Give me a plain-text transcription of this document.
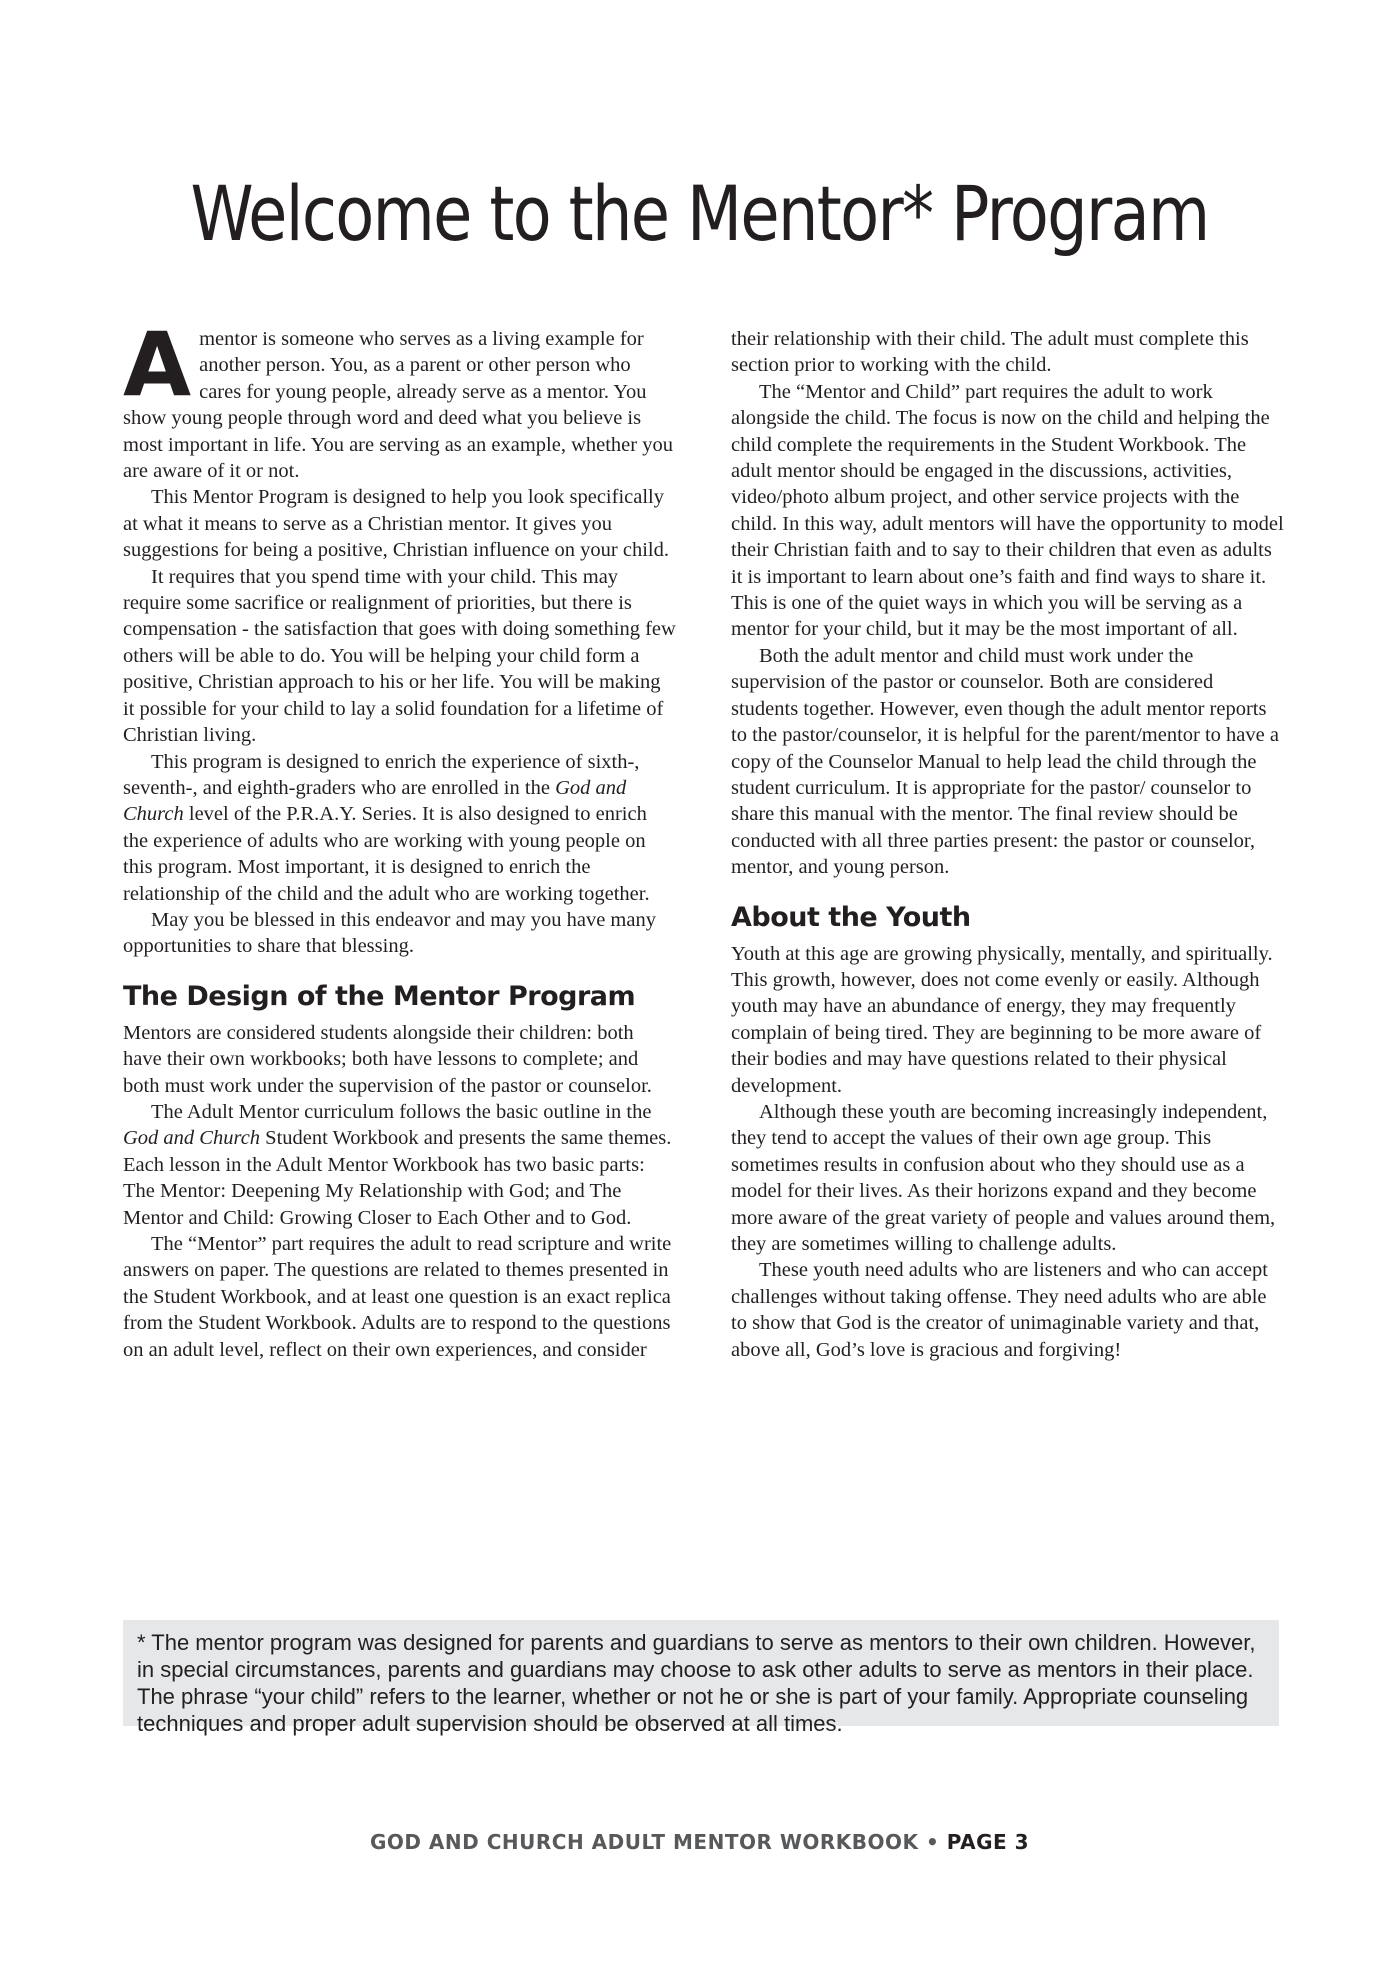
Welcome to the Mentor* Program

Amentor is someone who serves as a living example for another person. You, as a parent or other person who cares for young people, already serve as a mentor. You show young people through word and deed what you believe is most important in life. You are serving as an example, whether you are aware of it or not.

This Mentor Program is designed to help you look specifically at what it means to serve as a Christian mentor. It gives you suggestions for being a positive, Christian influence on your child.

It requires that you spend time with your child. This may require some sacrifice or realignment of priorities, but there is compensation - the satisfaction that goes with doing something few others will be able to do. You will be helping your child form a positive, Christian approach to his or her life. You will be making it possible for your child to lay a solid foundation for a lifetime of Christian living.

This program is designed to enrich the experience of sixth-, seventh-, and eighth-graders who are enrolled in the God and Church level of the P.R.A.Y. Series. It is also designed to enrich the experience of adults who are working with young people on this program. Most important, it is designed to enrich the relationship of the child and the adult who are working together.

May you be blessed in this endeavor and may you have many opportunities to share that blessing.

The Design of the Mentor Program

Mentors are considered students alongside their children: both have their own workbooks; both have lessons to complete; and both must work under the supervision of the pastor or counselor.

The Adult Mentor curriculum follows the basic outline in the God and Church Student Workbook and presents the same themes. Each lesson in the Adult Mentor Workbook has two basic parts: The Mentor: Deepening My Relationship with God; and The Mentor and Child: Growing Closer to Each Other and to God.

The “Mentor” part requires the adult to read scripture and write answers on paper. The questions are related to themes presented in the Student Workbook, and at least one question is an exact replica from the Student Workbook. Adults are to respond to the questions on an adult level, reflect on their own experiences, and consider

their relationship with their child. The adult must complete this section prior to working with the child.

The “Mentor and Child” part requires the adult to work alongside the child. The focus is now on the child and helping the child complete the requirements in the Student Workbook. The adult mentor should be engaged in the discussions, activities, video/photo album project, and other service projects with the child. In this way, adult mentors will have the opportunity to model their Christian faith and to say to their children that even as adults it is important to learn about one’s faith and find ways to share it. This is one of the quiet ways in which you will be serving as a mentor for your child, but it may be the most important of all.

Both the adult mentor and child must work under the supervision of the pastor or counselor. Both are considered students together. However, even though the adult mentor reports to the pastor/counselor, it is helpful for the parent/mentor to have a copy of the Counselor Manual to help lead the child through the student curriculum. It is appropriate for the pastor/ counselor to share this manual with the mentor. The final review should be conducted with all three parties present: the pastor or counselor, mentor, and young person.

About the Youth

Youth at this age are growing physically, mentally, and spiritually. This growth, however, does not come evenly or easily. Although youth may have an abundance of energy, they may frequently complain of being tired. They are beginning to be more aware of their bodies and may have questions related to their physical development.

Although these youth are becoming increasingly independent, they tend to accept the values of their own age group. This sometimes results in confusion about who they should use as a model for their lives. As their horizons expand and they become more aware of the great variety of people and values around them, they are sometimes willing to challenge adults.

These youth need adults who are listeners and who can accept challenges without taking offense. They need adults who are able to show that God is the creator of unimaginable variety and that, above all, God’s love is gracious and forgiving!

* The mentor program was designed for parents and guardians to serve as mentors to their own children. However, in special circumstances, parents and guardians may choose to ask other adults to serve as mentors in their place. The phrase “your child” refers to the learner, whether or not he or she is part of your family. Appropriate counseling techniques and proper adult supervision should be observed at all times.
GOD AND CHURCH ADULT MENTOR WORKBOOK • PAGE 3
